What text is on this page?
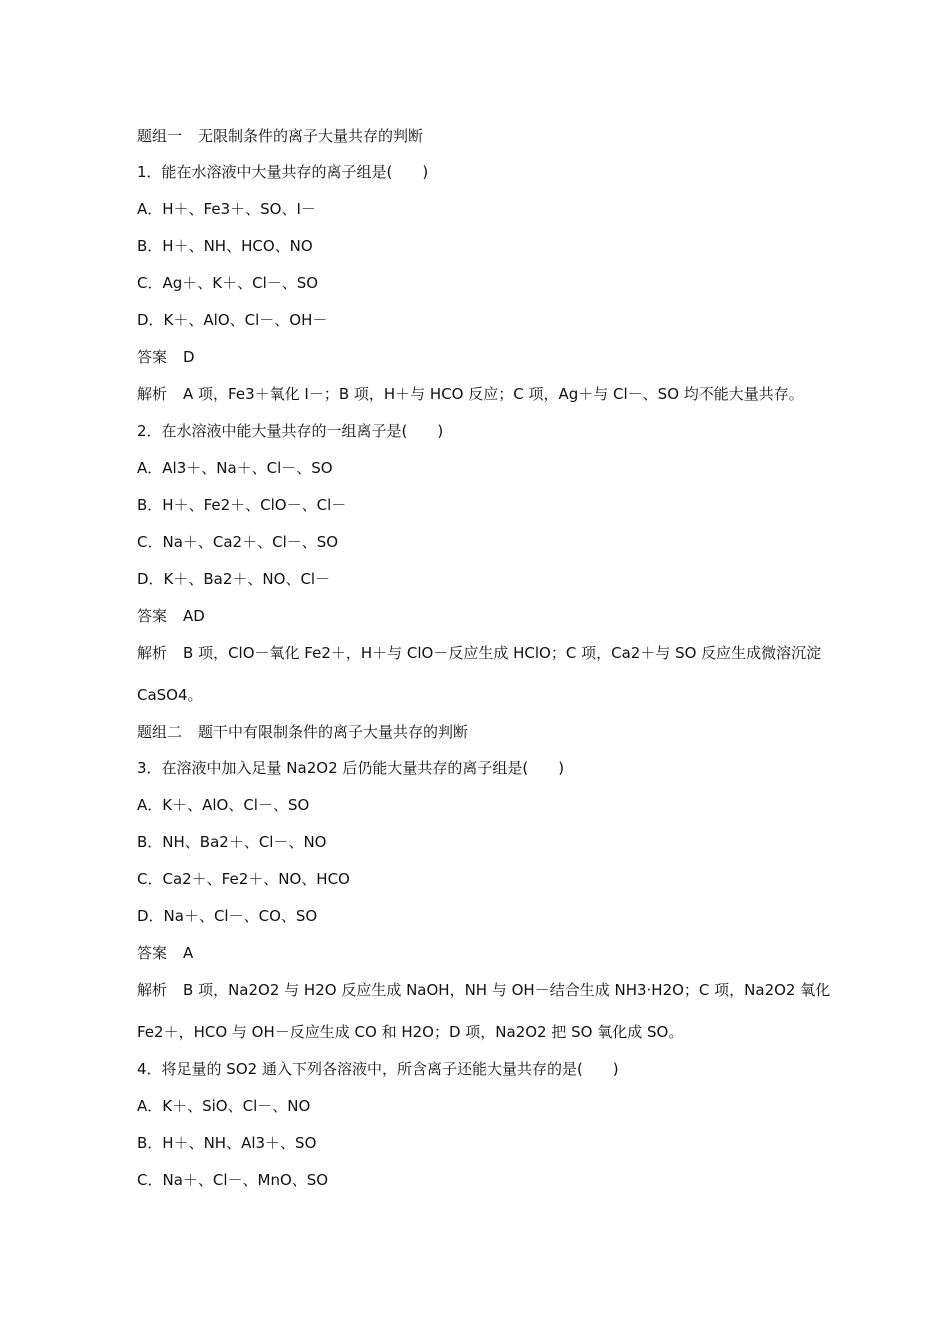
题组一 无限制条件的离子大量共存的判断
1．能在水溶液中大量共存的离子组是(　　)
A．H＋、Fe3＋、SO、I－
B．H＋、NH、HCO、NO
C．Ag＋、K＋、Cl－、SO
D．K＋、AlO、Cl－、OH－
答案 D
解析 A 项，Fe3＋氧化 I－；B 项，H＋与 HCO 反应；C 项，Ag＋与 Cl－、SO 均不能大量共存。
2．在水溶液中能大量共存的一组离子是(　　)
A．Al3＋、Na＋、Cl－、SO
B．H＋、Fe2＋、ClO－、Cl－
C．Na＋、Ca2＋、Cl－、SO
D．K＋、Ba2＋、NO、Cl－
答案 AD
解析 B 项，ClO－氧化 Fe2＋，H＋与 ClO－反应生成 HClO；C 项，Ca2＋与 SO 反应生成微溶沉淀
CaSO4。
题组二 题干中有限制条件的离子大量共存的判断
3．在溶液中加入足量 Na2O2 后仍能大量共存的离子组是(　　)
A．K＋、AlO、Cl－、SO
B．NH、Ba2＋、Cl－、NO
C．Ca2＋、Fe2＋、NO、HCO
D．Na＋、Cl－、CO、SO
答案 A
解析 B 项，Na2O2 与 H2O 反应生成 NaOH，NH 与 OH－结合生成 NH3·H2O；C 项，Na2O2 氧化
Fe2＋，HCO 与 OH－反应生成 CO 和 H2O；D 项，Na2O2 把 SO 氧化成 SO。
4．将足量的 SO2 通入下列各溶液中，所含离子还能大量共存的是(　　)
A．K＋、SiO、Cl－、NO
B．H＋、NH、Al3＋、SO
C．Na＋、Cl－、MnO、SO
